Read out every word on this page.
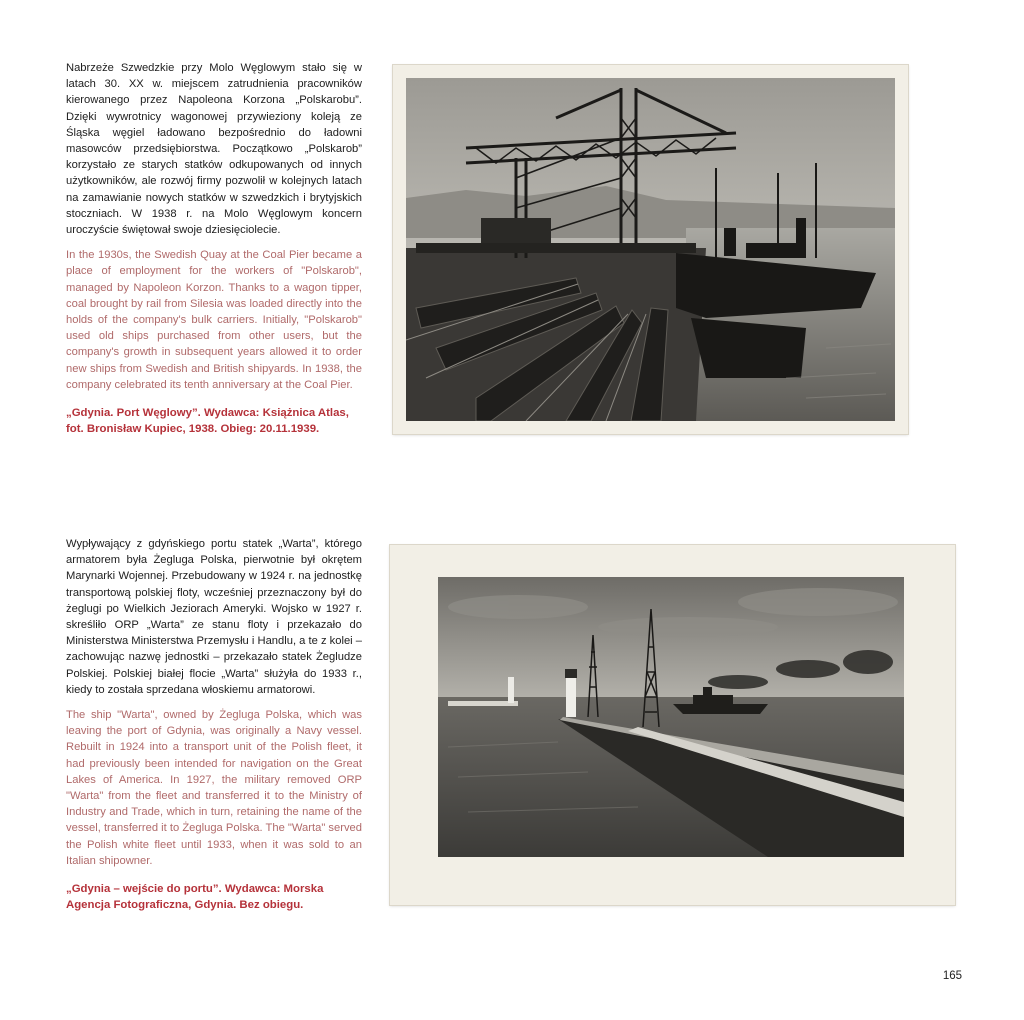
Nabrzeże Szwedzkie przy Molo Węglowym stało się w latach 30. XX w. miejscem zatrudnienia pracowników kierowanego przez Napoleona Korzona „Polskarobu”. Dzięki wywrotnicy wagonowej przywieziony koleją ze Śląska węgiel ładowano bezpośrednio do ładowni masowców przedsiębiorstwa. Początkowo „Polskarob” korzystało ze starych statków odkupowanych od innych użytkowników, ale rozwój firmy pozwolił w kolejnych latach na zamawianie nowych statków w szwedzkich i brytyjskich stoczniach. W 1938 r. na Molo Węglowym koncern uroczyście świętował swoje dziesięciolecie.

In the 1930s, the Swedish Quay at the Coal Pier became a place of employment for the workers of "Polskarob", managed by Napoleon Korzon. Thanks to a wagon tipper, coal brought by rail from Silesia was loaded directly into the holds of the company's bulk carriers. Initially, "Polskarob" used old ships purchased from other users, but the company's growth in subsequent years allowed it to order new ships from Swedish and British shipyards. In 1938, the company celebrated its tenth anniversary at the Coal Pier.

„Gdynia. Port Węglowy”. Wydawca: Książnica Atlas, fot. Bronisław Kupiec, 1938. Obieg: 20.11.1939.

Wypływający z gdyńskiego portu statek „Warta”, którego armatorem była Żegluga Polska, pierwotnie był okrętem Marynarki Wojennej. Przebudowany w 1924 r. na jednostkę transportową polskiej floty, wcześniej przeznaczony był do żeglugi po Wielkich Jeziorach Ameryki. Wojsko w 1927 r. skreśliło ORP „Warta” ze stanu floty i przekazało do Ministerstwa Ministerstwa Przemysłu i Handlu, a te z kolei – zachowując nazwę jednostki – przekazało statek Żegludze Polskiej. Polskiej białej flocie „Warta” służyła do 1933 r., kiedy to została sprzedana włoskiemu armatorowi.

The ship "Warta", owned by Żegluga Polska, which was leaving the port of Gdynia, was originally a Navy vessel. Rebuilt in 1924 into a transport unit of the Polish fleet, it had previously been intended for navigation on the Great Lakes of America. In 1927, the military removed ORP "Warta" from the fleet and transferred it to the Ministry of Industry and Trade, which in turn, retaining the name of the vessel, transferred it to Żegluga Polska. The "Warta" served the Polish white fleet until 1933, when it was sold to an Italian shipowner.

„Gdynia – wejście do portu”. Wydawca: Morska Agencja Fotograficzna, Gdynia. Bez obiegu.

165
